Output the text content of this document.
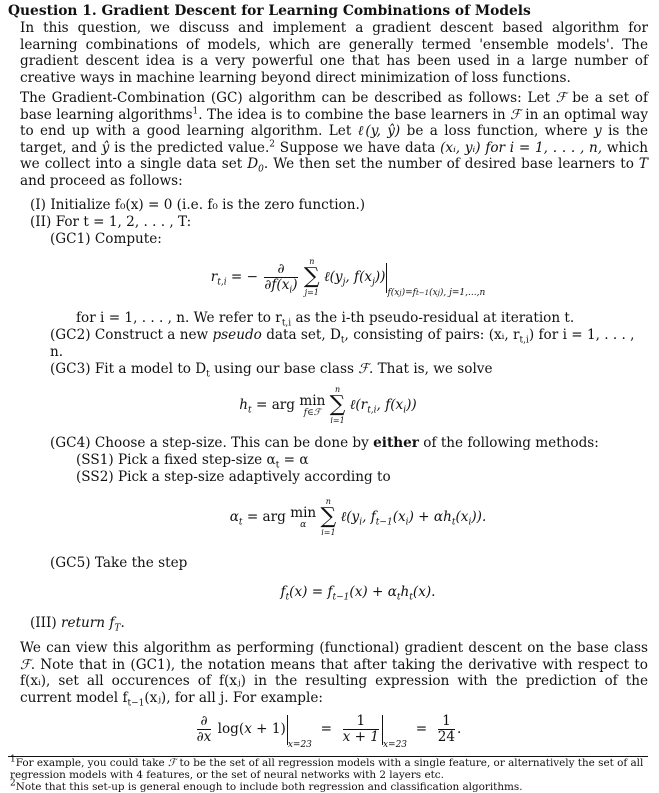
Question 1. Gradient Descent for Learning Combinations of Models
In this question, we discuss and implement a gradient descent based algorithm for learning combinations of models, which are generally termed 'ensemble models'. The gradient descent idea is a very powerful one that has been used in a large number of creative ways in machine learning beyond direct minimization of loss functions.
The Gradient-Combination (GC) algorithm can be described as follows: Let ℱ be a set of base learning algorithms$^1$. The idea is to combine the base learners in ℱ in an optimal way to end up with a good learning algorithm. Let ℓ(y, ŷ) be a loss function, where y is the target, and ŷ is the predicted value.$^2$ Suppose we have data (xᵢ, yᵢ) for i = 1, . . . , n, which we collect into a single data set $D_0$. We then set the number of desired base learners to T and proceed as follows:
(I) Initialize f₀(x) = 0 (i.e. f₀ is the zero function.)
(II) For t = 1, 2, . . . , T:
(GC1) Compute:
$r_{t,i}$ = − $\frac{\partial}{\partial f(x_i)}$

n
∑
j=1
$\ell(y_j$, $f(x_j))_{f(xj)=ft-1(xj), j=1,...,n}$
for i = 1, . . . , n. We refer to $r_{t,i}$ as the i-th pseudo-residual at iteration t.
(GC2) Construct a new pseudo data set, $D_t$, consisting of pairs: (xᵢ, $r_{t,i}$) for i = 1, . . . , n.
(GC3) Fit a model to $D_t$ using our base class ℱ. That is, we solve
$h_t$ = arg min
f∈ℱ

n
∑
i=1
$\ell(r_{t,i}$, $f(x_i)$)
(GC4) Choose a step-size. This can be done by either of the following methods:
(SS1) Pick a fixed step-size $\alpha_t = \alpha$
(SS2) Pick a step-size adaptively according to
$\alpha_t$ = arg min
α

n
∑
i=1
$\ell(y_i$, $f_{t-1}(x_i) + \alpha h_t(x_i)$).
(GC5) Take the step
$f_t(x) = f_{t-1}(x) + \alpha_th_t(x)$.
(III) return $f_T$.
We can view this algorithm as performing (functional) gradient descent on the base class ℱ. Note that in (GC1), the notation means that after taking the derivative with respect to f(xᵢ), set all occurences of f(xⱼ) in the resulting expression with the prediction of the current model $f_{t-1}(xⱼ)$, for all j. For example:
$\frac{\partial}{\partial x} \log(x + 1)_{x=23} = \frac{1}{x + 1} _{x=23} = \frac{1}{24}$ .
1For example, you could take ℱ to be the set of all regression models with a single feature, or alternatively the set of all regression models with 4 features, or the set of neural networks with 2 layers etc.
2Note that this set-up is general enough to include both regression and classification algorithms.
